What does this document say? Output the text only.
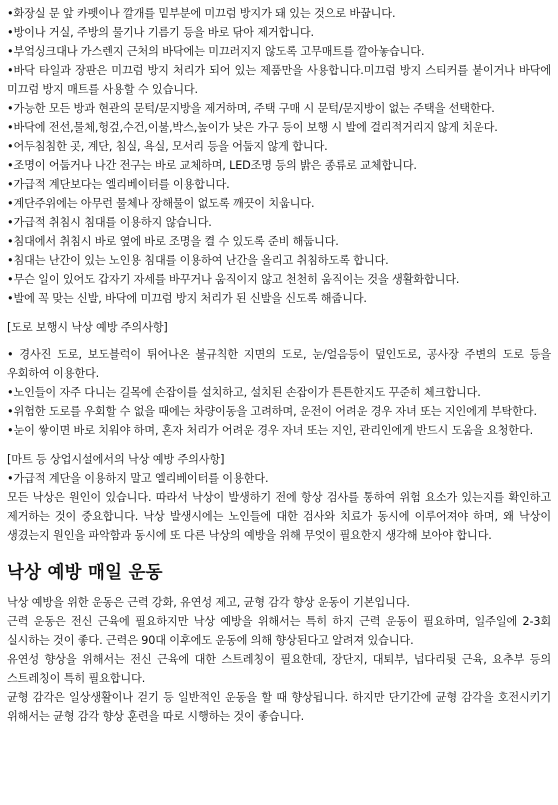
•화장실 문 앞 카펫이나 깔개를 밑부분에 미끄럼 방지가 돼 있는 것으로 바꿉니다.

•방이나 거실, 주방의 물기나 기름기 등을 바로 닦아 제거합니다.

•부엌싱크대나 가스렌지 근처의 바닥에는 미끄러지지 않도록 고무매트를 깔아놓습니다.

•바닥 타일과 장판은 미끄럼 방지 처리가 되어 있는 제품만을 사용합니다.미끄럼 방지 스티커를 붙이거나 바닥에 미끄럼 방지 매트를 사용할 수 있습니다.

•가능한 모든 방과 현관의 문턱/문지방을 제거하며, 주택 구매 시 문턱/문지방이 없는 주택을 선택한다.

•바닥에 전선,물체,헝겊,수건,이불,박스,높이가 낮은 가구 등이 보행 시 발에 걸리적거리지 않게 치운다.

•어두침침한 곳, 계단, 침실, 욕실, 모서리 등을 어둡지 않게 합니다.

•조명이 어둡거나 나간 전구는 바로 교체하며, LED조명 등의 밝은 종류로 교체합니다.

•가급적 계단보다는 엘리베이터를 이용합니다.

•계단주위에는 아무런 물체나 장해물이 없도록 깨끗이 치웁니다.

•가급적 취침시 침대를 이용하지 않습니다.

•침대에서 취침시 바로 옆에 바로 조명을 켤 수 있도록 준비 해둡니다.

•침대는 난간이 있는 노인용 침대를 이용하여 난간을 올리고 취침하도록 합니다.

•무슨 일이 있어도 갑자기 자세를 바꾸거나 움직이지 않고 천천히 움직이는 것을 생활화합니다.

•발에 꼭 맞는 신발, 바닥에 미끄럼 방지 처리가 된 신발을 신도록 해줍니다.

[도로 보행시 낙상 예방 주의사항]

• 경사진 도로, 보도블럭이 튀어나온 불규칙한 지면의 도로, 눈/얼음등이 덮인도로, 공사장 주변의 도로 등을 우회하여 이용한다.

•노인들이 자주 다니는 길목에 손잡이를 설치하고, 설치된 손잡이가 튼튼한지도 꾸준히 체크합니다.

•위험한 도로를 우회할 수 없을 때에는 차량이동을 고려하며, 운전이 어려운 경우 자녀 또는 지인에게 부탁한다.

•눈이 쌓이면 바로 치워야 하며, 혼자 처리가 어려운 경우 자녀 또는 지인, 관리인에게 반드시 도움을 요청한다.

[마트 등 상업시설에서의 낙상 예방 주의사항]

•가급적 계단을 이용하지 말고 엘리베이터를 이용한다.

모든 낙상은 원인이 있습니다. 따라서 낙상이 발생하기 전에 항상 검사를 통하여 위험 요소가 있는지를 확인하고 제거하는 것이 중요합니다. 낙상 발생시에는 노인들에 대한 검사와 치료가 동시에 이루어져야 하며, 왜 낙상이 생겼는지 원인을 파악함과 동시에 또 다른 낙상의 예방을 위해 무엇이 필요한지 생각해 보아야 합니다.

낙상 예방 매일 운동

낙상 예방을 위한 운동은 근력 강화, 유연성 제고, 균형 감각 향상 운동이 기본입니다.

근력 운동은 전신 근육에 필요하지만 낙상 예방을 위해서는 특히 하지 근력 운동이 필요하며, 일주일에 2-3회 실시하는 것이 좋다. 근력은 90대 이후에도 운동에 의해 향상된다고 알려져 있습니다.

유연성 향상을 위해서는 전신 근육에 대한 스트레칭이 필요한데, 장단지, 대퇴부, 넙다리뒷 근육, 요추부 등의 스트레칭이 특히 필요합니다.

균형 감각은 일상생활이나 걷기 등 일반적인 운동을 할 때 향상됩니다. 하지만 단기간에 균형 감각을 호전시키기 위해서는 균형 감각 향상 훈련을 따로 시행하는 것이 좋습니다.
